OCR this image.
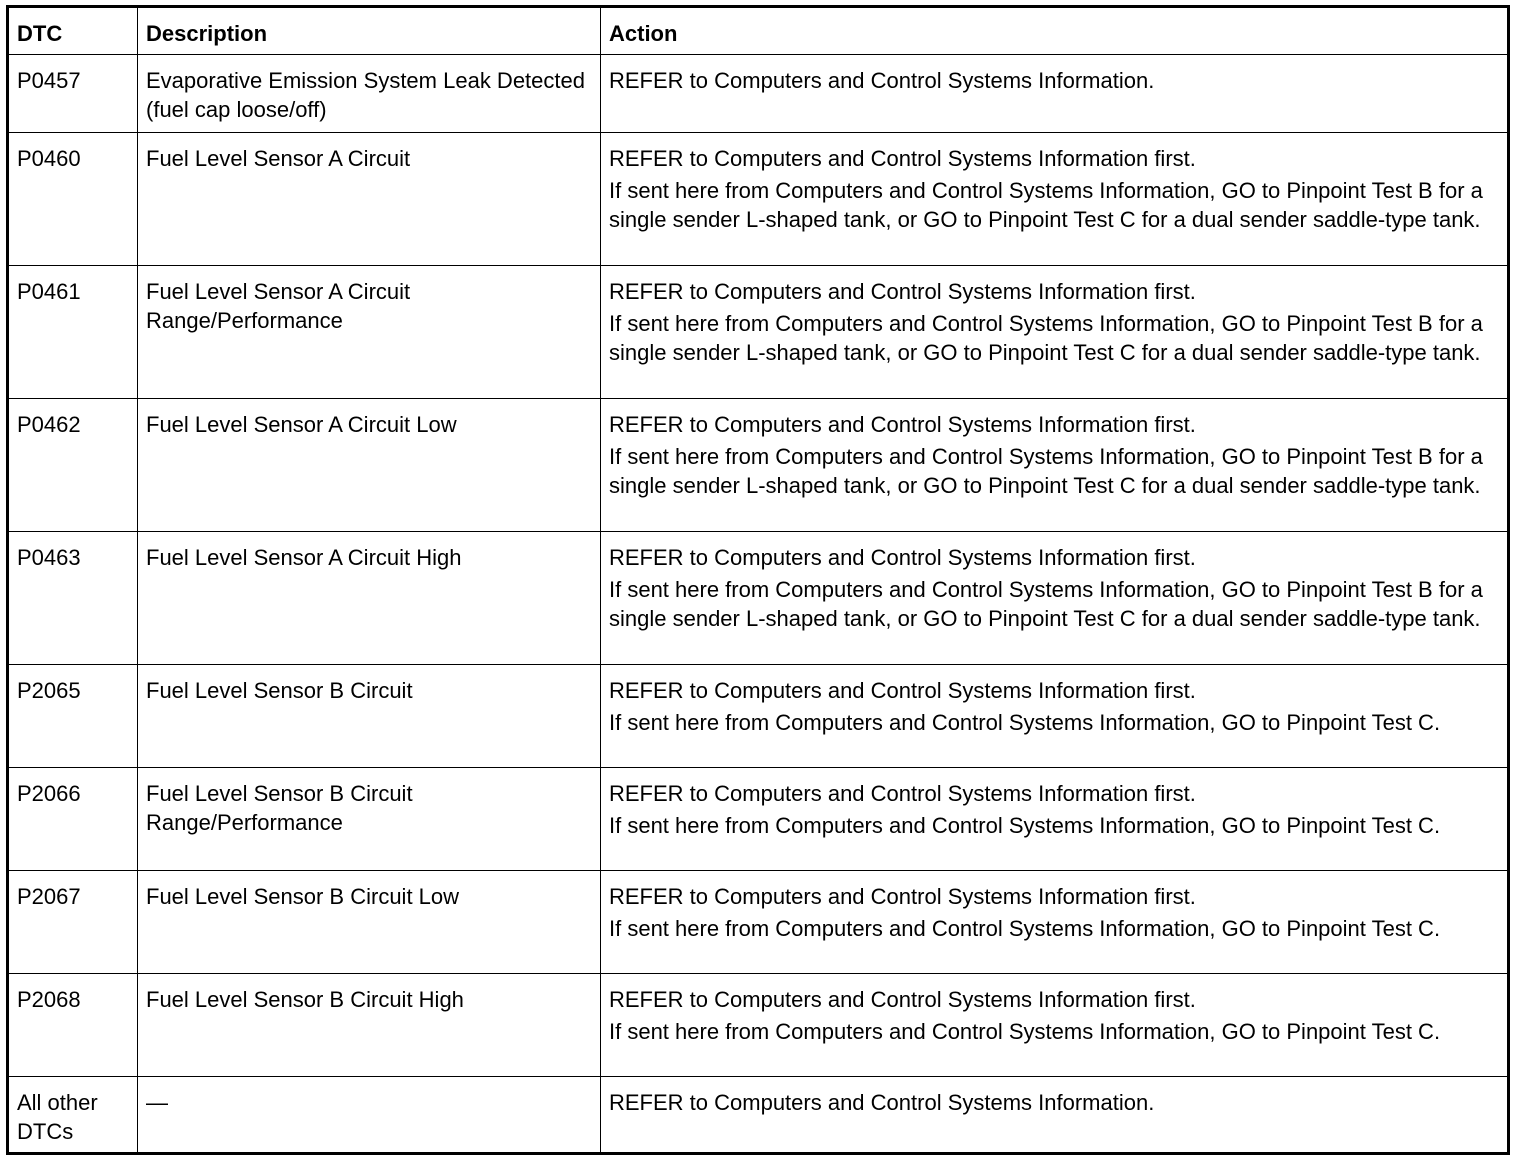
DTC	Description	Action
P0457	Evaporative Emission System Leak Detected (fuel cap loose/off)	REFER to Computers and Control Systems Information.

P0460	Fuel Level Sensor A Circuit	REFER to Computers and Control Systems Information first.

If sent here from Computers and Control Systems Information, GO to Pinpoint Test B for a single sender L-shaped tank, or GO to Pinpoint Test C for a dual sender saddle-type tank.

P0461	Fuel Level Sensor A Circuit Range/Performance	REFER to Computers and Control Systems Information first.

If sent here from Computers and Control Systems Information, GO to Pinpoint Test B for a single sender L-shaped tank, or GO to Pinpoint Test C for a dual sender saddle-type tank.

P0462	Fuel Level Sensor A Circuit Low	REFER to Computers and Control Systems Information first.

If sent here from Computers and Control Systems Information, GO to Pinpoint Test B for a single sender L-shaped tank, or GO to Pinpoint Test C for a dual sender saddle-type tank.

P0463	Fuel Level Sensor A Circuit High	REFER to Computers and Control Systems Information first.

If sent here from Computers and Control Systems Information, GO to Pinpoint Test B for a single sender L-shaped tank, or GO to Pinpoint Test C for a dual sender saddle-type tank.

P2065	Fuel Level Sensor B Circuit	REFER to Computers and Control Systems Information first.

If sent here from Computers and Control Systems Information, GO to Pinpoint Test C.

P2066	Fuel Level Sensor B Circuit Range/Performance	REFER to Computers and Control Systems Information first.

If sent here from Computers and Control Systems Information, GO to Pinpoint Test C.

P2067	Fuel Level Sensor B Circuit Low	REFER to Computers and Control Systems Information first.

If sent here from Computers and Control Systems Information, GO to Pinpoint Test C.

P2068	Fuel Level Sensor B Circuit High	REFER to Computers and Control Systems Information first.

If sent here from Computers and Control Systems Information, GO to Pinpoint Test C.

All other DTCs	—	REFER to Computers and Control Systems Information.
